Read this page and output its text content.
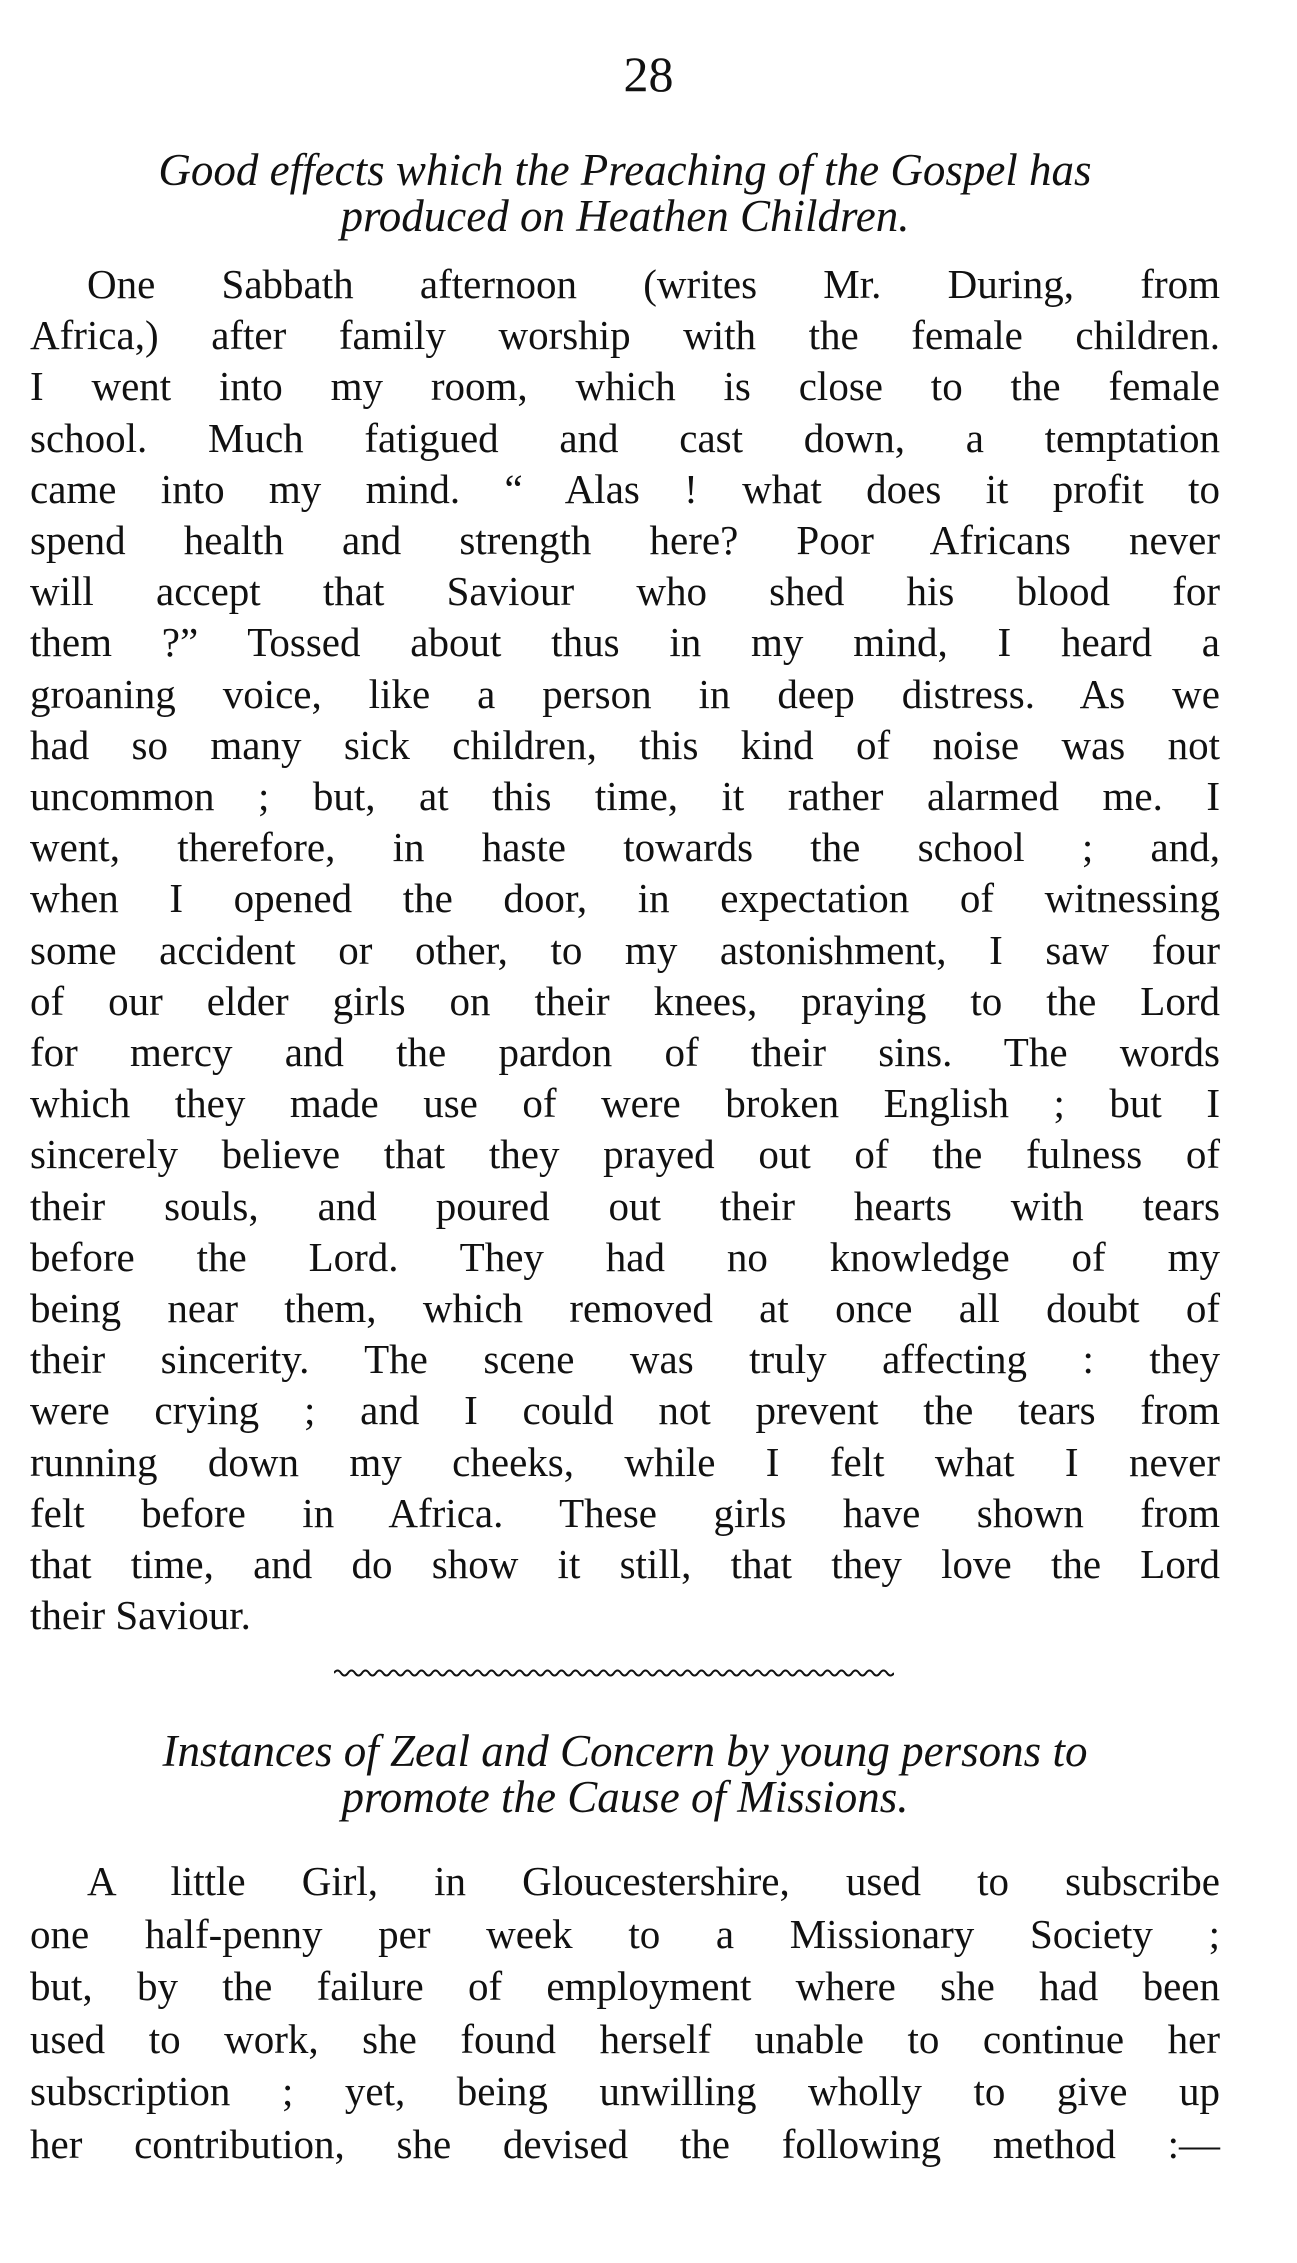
28
Good effects which the Preaching of the Gospel has
produced on Heathen Children.

One Sabbath afternoon (writes Mr. During, from
Africa,) after family worship with the female children.
I went into my room, which is close to the female
school. Much fatigued and cast down, a temptation
came into my mind. “ Alas ! what does it profit to
spend health and strength here? Poor Africans never
will accept that Saviour who shed his blood for
them ?” Tossed about thus in my mind, I heard a
groaning voice, like a person in deep distress. As we
had so many sick children, this kind of noise was not
uncommon ; but, at this time, it rather alarmed me. I
went, therefore, in haste towards the school ; and,
when I opened the door, in expectation of witnessing
some accident or other, to my astonishment, I saw four
of our elder girls on their knees, praying to the Lord
for mercy and the pardon of their sins. The words
which they made use of were broken English ; but I
sincerely believe that they prayed out of the fulness of
their souls, and poured out their hearts with tears
before the Lord. They had no knowledge of my
being near them, which removed at once all doubt of
their sincerity. The scene was truly affecting : they
were crying ; and I could not prevent the tears from
running down my cheeks, while I felt what I never
felt before in Africa. These girls have shown from
that time, and do show it still, that they love the Lord
their Saviour.

Instances of Zeal and Concern by young persons to
promote the Cause of Missions.

A little Girl, in Gloucestershire, used to subscribe
one half-penny per week to a Missionary Society ;
but, by the failure of employment where she had been
used to work, she found herself unable to continue her
subscription ; yet, being unwilling wholly to give up
her contribution, she devised the following method :—
